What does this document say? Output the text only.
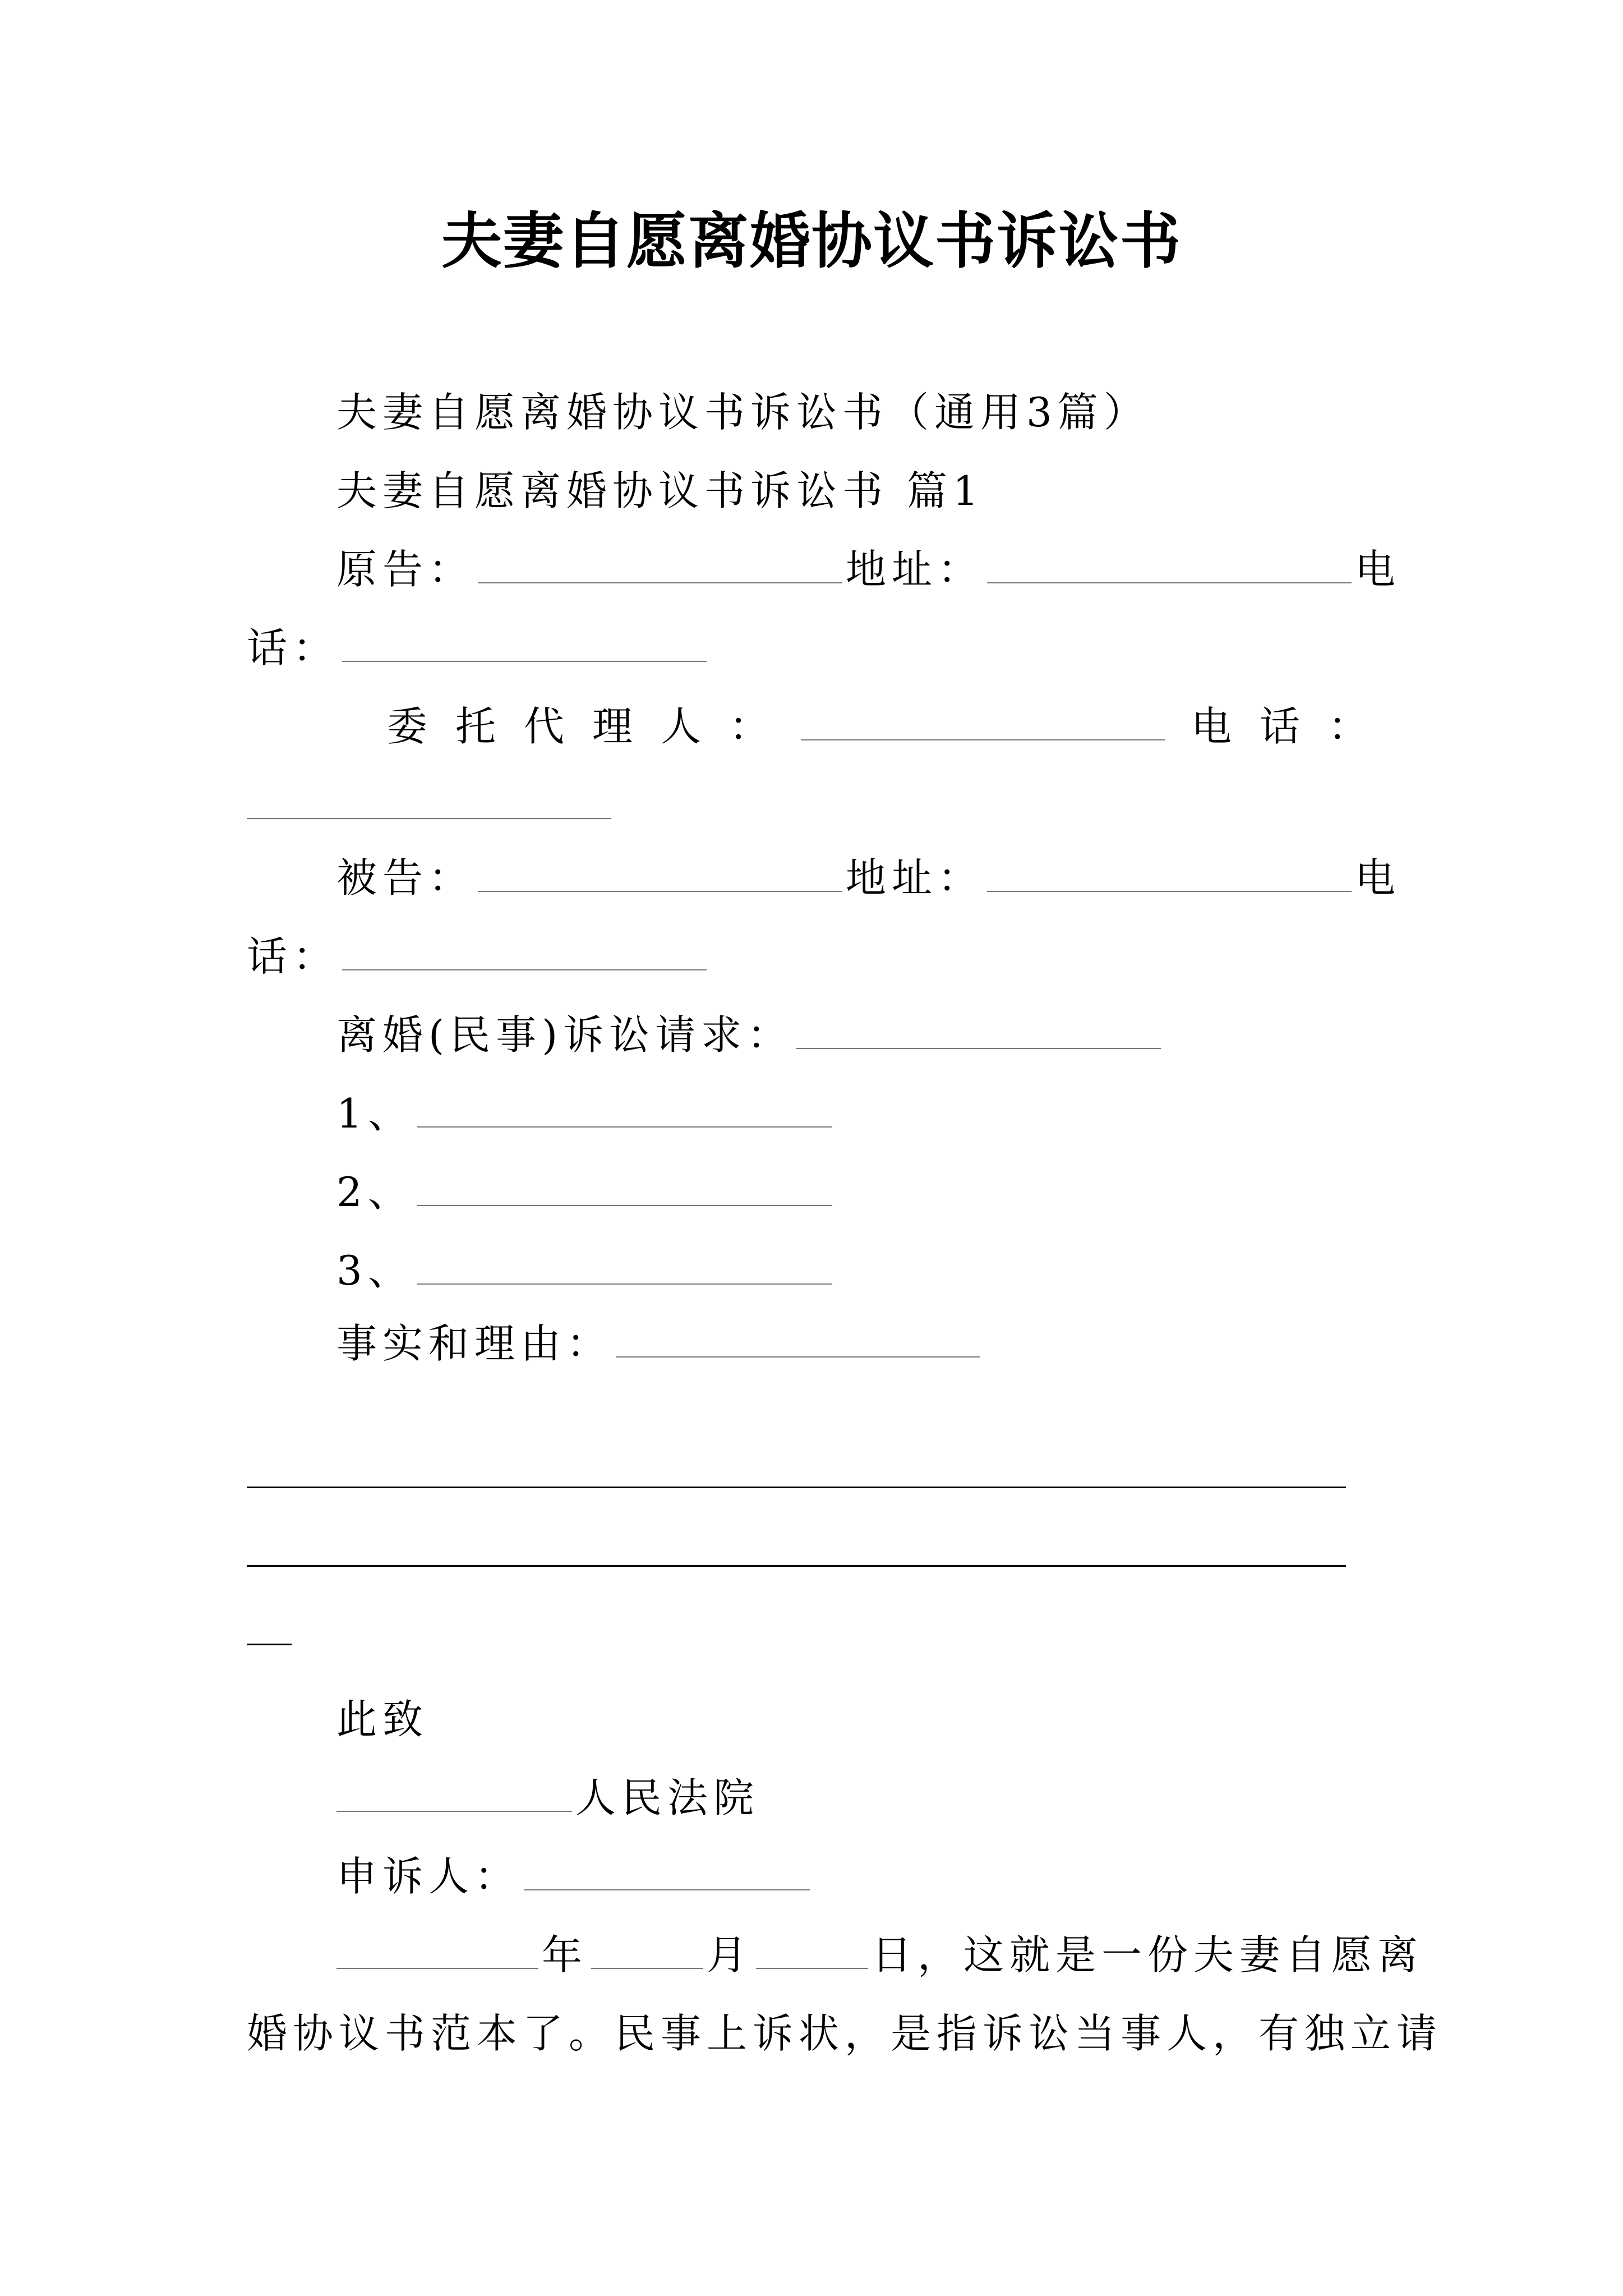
夫妻自愿离婚协议书诉讼书
夫妻自愿离婚协议书诉讼书（通用3篇）
夫妻自愿离婚协议书诉讼书 篇1
原告：	地址：	电
话：
委 托 代 理 人 ：	电 话 ：
被告：	地址：	电
话：
离婚(民事)诉讼请求：
1、
2、
3、
事实和理由：
此致
人民法院
申诉人：
年	月	日，这就是一份夫妻自愿离
婚协议书范本了。民事上诉状，是指诉讼当事人，有独立请
